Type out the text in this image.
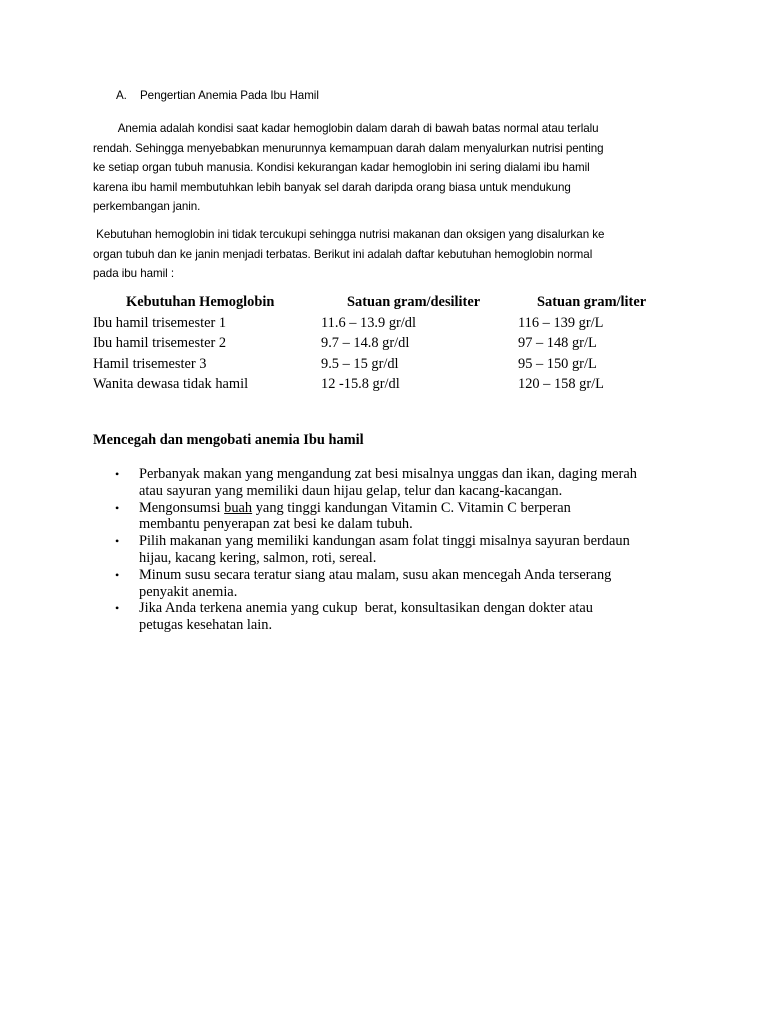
A. Pengertian Anemia Pada Ibu Hamil
Anemia adalah kondisi saat kadar hemoglobin dalam darah di bawah batas normal atau terlalu
rendah. Sehingga menyebabkan menurunnya kemampuan darah dalam menyalurkan nutrisi penting
ke setiap organ tubuh manusia. Kondisi kekurangan kadar hemoglobin ini sering dialami ibu hamil
karena ibu hamil membutuhkan lebih banyak sel darah daripda orang biasa untuk mendukung
perkembangan janin.
Kebutuhan hemoglobin ini tidak tercukupi sehingga nutrisi makanan dan oksigen yang disalurkan ke
organ tubuh dan ke janin menjadi terbatas. Berikut ini adalah daftar kebutuhan hemoglobin normal
pada ibu hamil :
Kebutuhan Hemoglobin	Satuan gram/desiliter	Satuan gram/liter
Ibu hamil trisemester 1	11.6 – 13.9 gr/dl	116 – 139 gr/L
Ibu hamil trisemester 2	9.7 – 14.8 gr/dl	97 – 148 gr/L
Hamil trisemester 3	9.5 – 15 gr/dl	95 – 150 gr/L
Wanita dewasa tidak hamil	12 -15.8 gr/dl	120 – 158 gr/L
Mencegah dan mengobati anemia Ibu hamil
• Perbanyak makan yang mengandung zat besi misalnya unggas dan ikan, daging merah
atau sayuran yang memiliki daun hijau gelap, telur dan kacang-kacangan.
• Mengonsumsi buah yang tinggi kandungan Vitamin C. Vitamin C berperan
membantu penyerapan zat besi ke dalam tubuh.
• Pilih makanan yang memiliki kandungan asam folat tinggi misalnya sayuran berdaun
hijau, kacang kering, salmon, roti, sereal.
• Minum susu secara teratur siang atau malam, susu akan mencegah Anda terserang
penyakit anemia.
• Jika Anda terkena anemia yang cukup  berat, konsultasikan dengan dokter atau
petugas kesehatan lain.
